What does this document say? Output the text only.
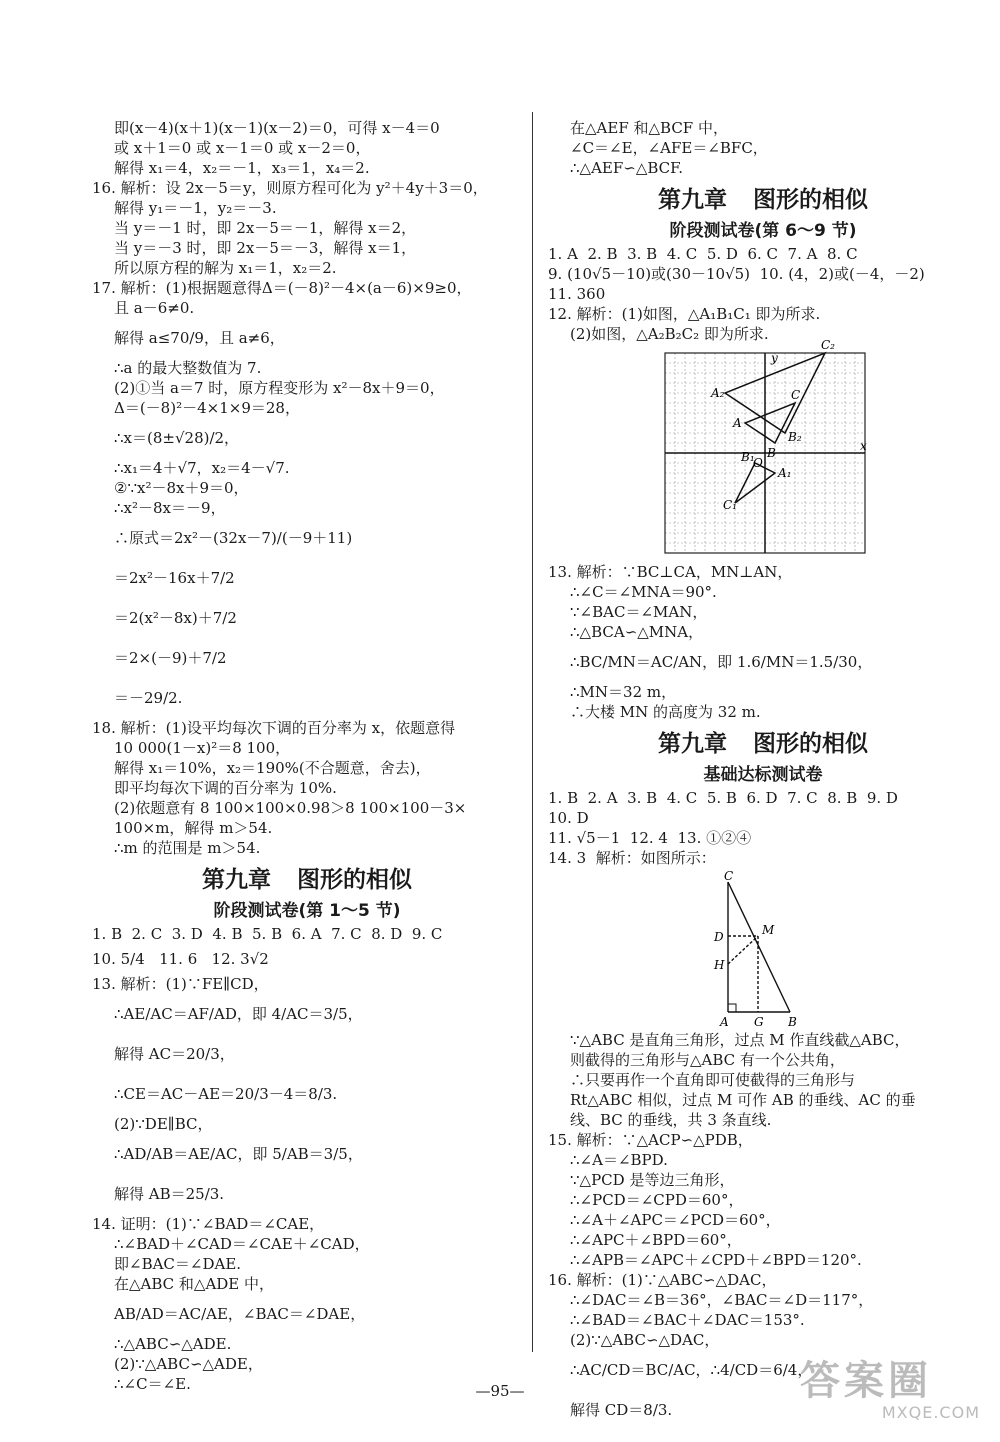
即(x－4)(x＋1)(x－1)(x－2)＝0，可得 x－4＝0
或 x＋1＝0 或 x－1＝0 或 x－2＝0，
解得 x₁＝4，x₂＝－1，x₃＝1，x₄＝2.
16. 解析：设 2x－5＝y，则原方程可化为 y²＋4y＋3＝0，
解得 y₁＝－1，y₂＝－3.
当 y＝－1 时，即 2x－5＝－1，解得 x＝2，
当 y＝－3 时，即 2x－5＝－3，解得 x＝1，
所以原方程的解为 x₁＝1，x₂＝2.
17. 解析：(1)根据题意得Δ＝(－8)²－4×(a－6)×9≥0，
且 a－6≠0.
解得 a≤70/9，且 a≠6，
∴a 的最大整数值为 7.
(2)①当 a＝7 时，原方程变形为 x²－8x＋9＝0，
Δ＝(－8)²－4×1×9＝28，
∴x＝(8±√28)/2，
∴x₁＝4＋√7，x₂＝4－√7.
②∵x²－8x＋9＝0，
∴x²－8x＝－9，
∴原式＝2x²－(32x－7)/(－9＋11)
＝2x²－16x＋7/2
＝2(x²－8x)＋7/2
＝2×(－9)＋7/2
＝－29/2.
18. 解析：(1)设平均每次下调的百分率为 x，依题意得
10 000(1－x)²＝8 100，
解得 x₁＝10%，x₂＝190%(不合题意，舍去)，
即平均每次下调的百分率为 10%.
(2)依题意有 8 100×100×0.98＞8 100×100－3×
100×m，解得 m＞54.
∴m 的范围是 m＞54.
第九章 图形的相似
阶段测试卷(第 1～5 节)
1. B  2. C  3. D  4. B  5. B  6. A  7. C  8. D  9. C
10. 5/4   11. 6   12. 3√2
13. 解析：(1)∵FE∥CD，
∴AE/AC＝AF/AD，即 4/AC＝3/5，
解得 AC＝20/3，
∴CE＝AC－AE＝20/3－4＝8/3.
(2)∵DE∥BC，
∴AD/AB＝AE/AC，即 5/AB＝3/5，
解得 AB＝25/3.
14. 证明：(1)∵∠BAD＝∠CAE，
∴∠BAD＋∠CAD＝∠CAE＋∠CAD，
即∠BAC＝∠DAE.
在△ABC 和△ADE 中，
AB/AD＝AC/AE，∠BAC＝∠DAE，
∴△ABC∽△ADE.
(2)∵△ABC∽△ADE，
∴∠C＝∠E.
在△AEF 和△BCF 中，
∠C＝∠E，∠AFE＝∠BFC，
∴△AEF∽△BCF.
第九章 图形的相似
阶段测试卷(第 6～9 节)
1. A  2. B  3. B  4. C  5. D  6. C  7. A  8. C
9. (10√5－10)或(30－10√5)  10. (4，2)或(－4，－2)
11. 360
12. 解析：(1)如图，△A₁B₁C₁ 即为所求.
(2)如图，△A₂B₂C₂ 即为所求.
y
x
O
A
B
C
A₁
B₁
C₁
A₂
B₂
C₂
13. 解析：∵BC⊥CA，MN⊥AN，
∴∠C＝∠MNA＝90°.
∵∠BAC＝∠MAN，
∴△BCA∽△MNA，
∴BC/MN＝AC/AN，即 1.6/MN＝1.5/30，
∴MN＝32 m，
∴大楼 MN 的高度为 32 m.
第九章 图形的相似
基础达标测试卷
1. B  2. A  3. B  4. C  5. B  6. D  7. C  8. B  9. D
10. D
11. √5－1  12. 4  13. ①②④
14. 3  解析：如图所示：
C
D	M
H
A G B
∵△ABC 是直角三角形，过点 M 作直线截△ABC，
则截得的三角形与△ABC 有一个公共角，
∴只要再作一个直角即可使截得的三角形与
Rt△ABC 相似，过点 M 可作 AB 的垂线、AC 的垂
线、BC 的垂线，共 3 条直线.
15. 解析：∵△ACP∽△PDB，
∴∠A＝∠BPD.
∵△PCD 是等边三角形，
∴∠PCD＝∠CPD＝60°，
∴∠A＋∠APC＝∠PCD＝60°，
∴∠APC＋∠BPD＝60°，
∴∠APB＝∠APC＋∠CPD＋∠BPD＝120°.
16. 解析：(1)∵△ABC∽△DAC，
∴∠DAC＝∠B＝36°，∠BAC＝∠D＝117°，
∴∠BAD＝∠BAC＋∠DAC＝153°.
(2)∵△ABC∽△DAC，
∴AC/CD＝BC/AC，∴4/CD＝6/4，
解得 CD＝8/3.
—95—	答案圈
MXQE.COM
